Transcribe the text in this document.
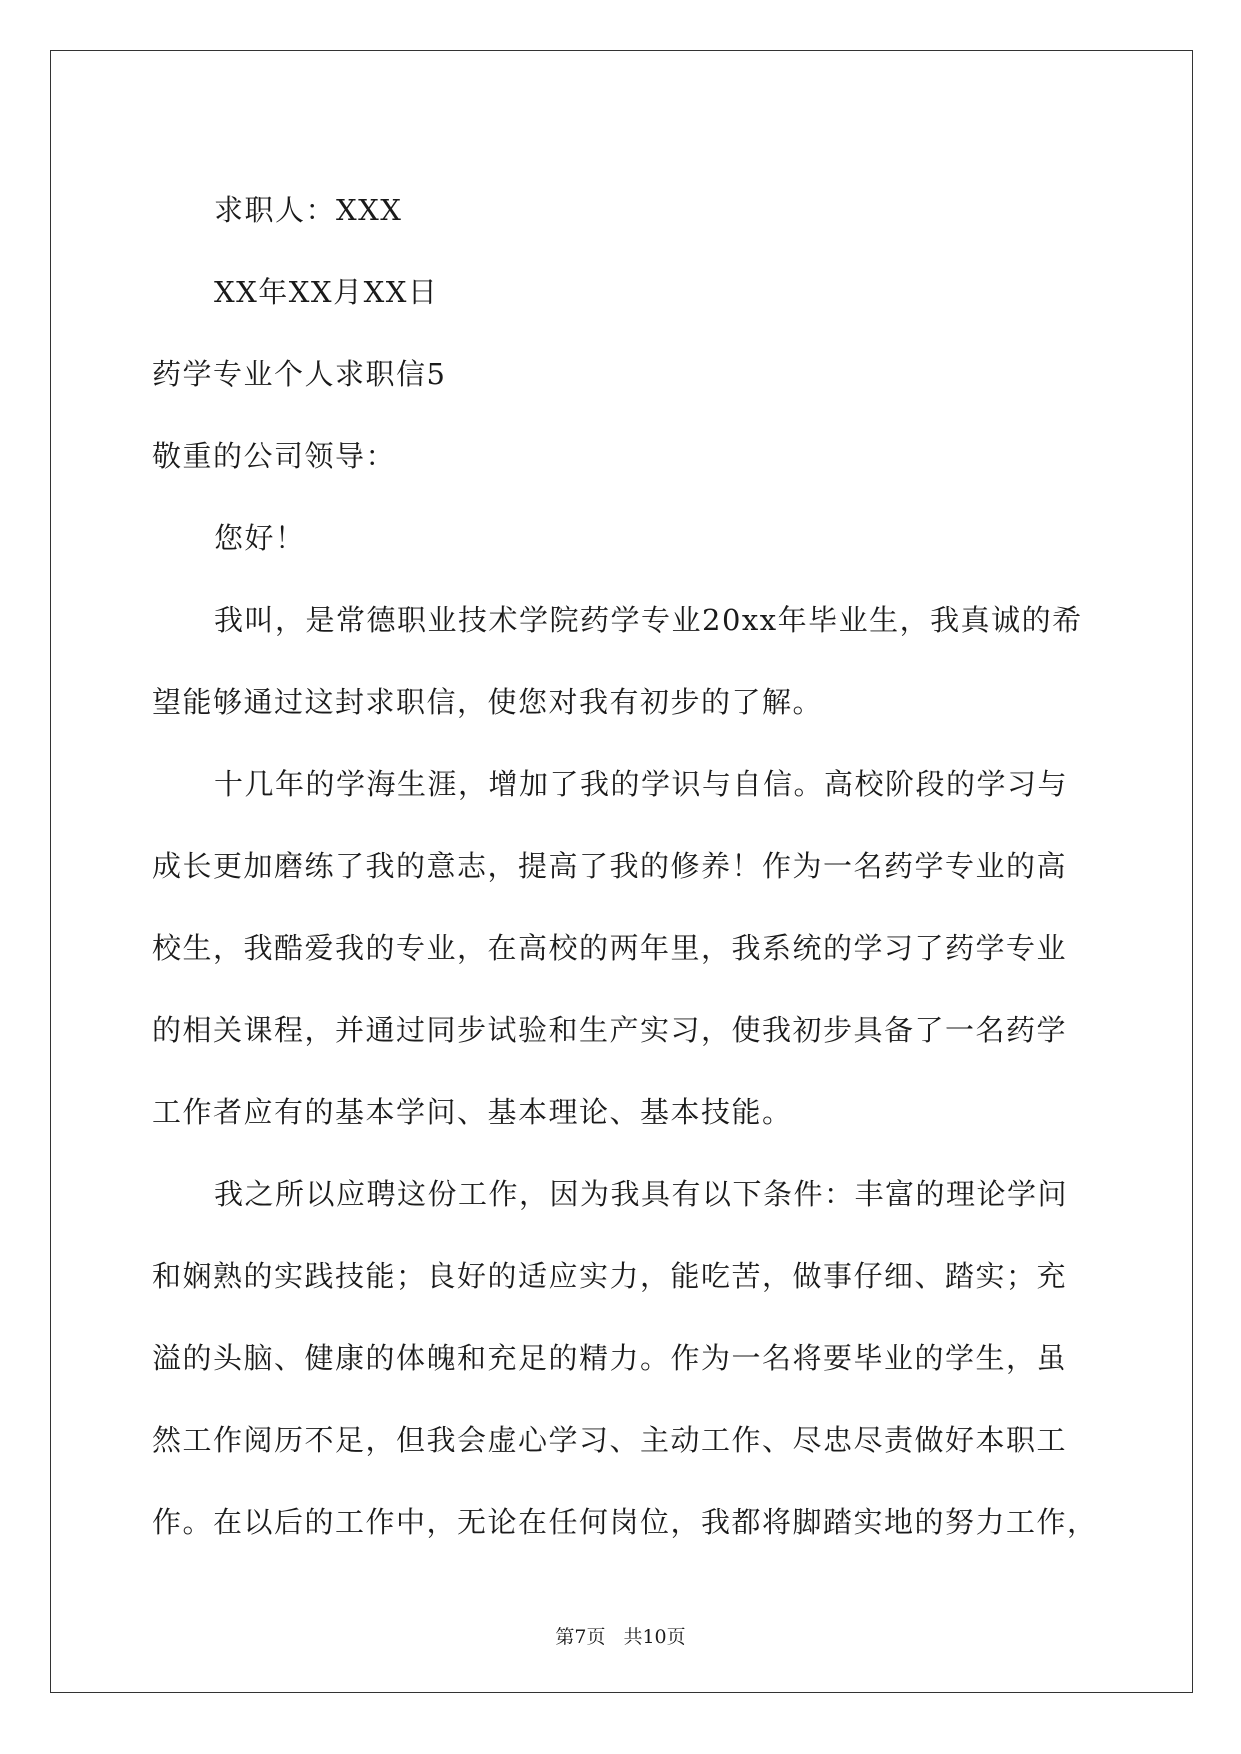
求职人：XXX
XX年XX月XX日
药学专业个人求职信5
敬重的公司领导：
您好！
我叫，是常德职业技术学院药学专业20xx年毕业生，我真诚的希
望能够通过这封求职信，使您对我有初步的了解。
十几年的学海生涯，增加了我的学识与自信。高校阶段的学习与
成长更加磨练了我的意志，提高了我的修养！作为一名药学专业的高
校生，我酷爱我的专业，在高校的两年里，我系统的学习了药学专业
的相关课程，并通过同步试验和生产实习，使我初步具备了一名药学
工作者应有的基本学问、基本理论、基本技能。
我之所以应聘这份工作，因为我具有以下条件：丰富的理论学问
和娴熟的实践技能；良好的适应实力，能吃苦，做事仔细、踏实；充
溢的头脑、健康的体魄和充足的精力。作为一名将要毕业的学生，虽
然工作阅历不足，但我会虚心学习、主动工作、尽忠尽责做好本职工
作。在以后的工作中，无论在任何岗位，我都将脚踏实地的努力工作，
第7页 共10页
